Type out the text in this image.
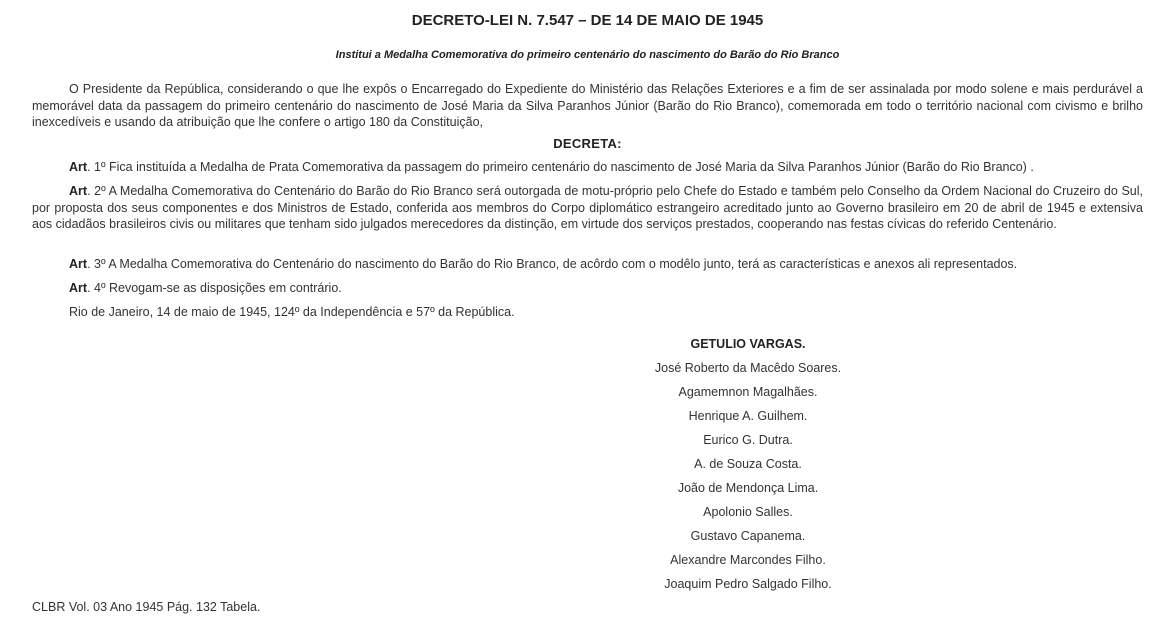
DECRETO-LEI N. 7.547 – DE 14 DE MAIO DE 1945
Institui a Medalha Comemorativa do primeiro centenário do nascimento do Barão do Rio Branco

O Presidente da República, considerando o que lhe expôs o Encarregado do Expediente do Ministério das Relações Exteriores e a fim de ser assinalada por modo solene e mais perdurável a memorável data da passagem do primeiro centenário do nascimento de José Maria da Silva Paranhos Júnior (Barão do Rio Branco), comemorada em todo o território nacional com civismo e brilho inexcedíveis e usando da atribuição que lhe confere o artigo 180 da Constituição,

DECRETA:

Art. 1º Fica instituída a Medalha de Prata Comemorativa da passagem do primeiro centenário do nascimento de José Maria da Silva Paranhos Júnior (Barão do Rio Branco) .

Art. 2º A Medalha Comemorativa do Centenário do Barão do Rio Branco será outorgada de motu-próprio pelo Chefe do Estado e também pelo Conselho da Ordem Nacional do Cruzeiro do Sul, por proposta dos seus componentes e dos Ministros de Estado, conferida aos membros do Corpo diplomático estrangeiro acreditado junto ao Governo brasileiro em 20 de abril de 1945 e extensiva aos cidadãos brasileiros civis ou militares que tenham sido julgados merecedores da distinção, em virtude dos serviços prestados, cooperando nas festas cívicas do referido Centenário.

Art. 3º A Medalha Comemorativa do Centenário do nascimento do Barão do Rio Branco, de acôrdo com o modêlo junto, terá as características e anexos ali representados.

Art. 4º Revogam-se as disposições em contrário.

Rio de Janeiro, 14 de maio de 1945, 124º da Independência e 57º da República.

GETULIO VARGAS.
José Roberto da Macêdo Soares.
Agamemnon Magalhães.
Henrique A. Guilhem.
Eurico G. Dutra.
A. de Souza Costa.
João de Mendonça Lima.
Apolonio Salles.
Gustavo Capanema.
Alexandre Marcondes Filho.
Joaquim Pedro Salgado Filho.
CLBR Vol. 03 Ano 1945 Pág. 132 Tabela.
